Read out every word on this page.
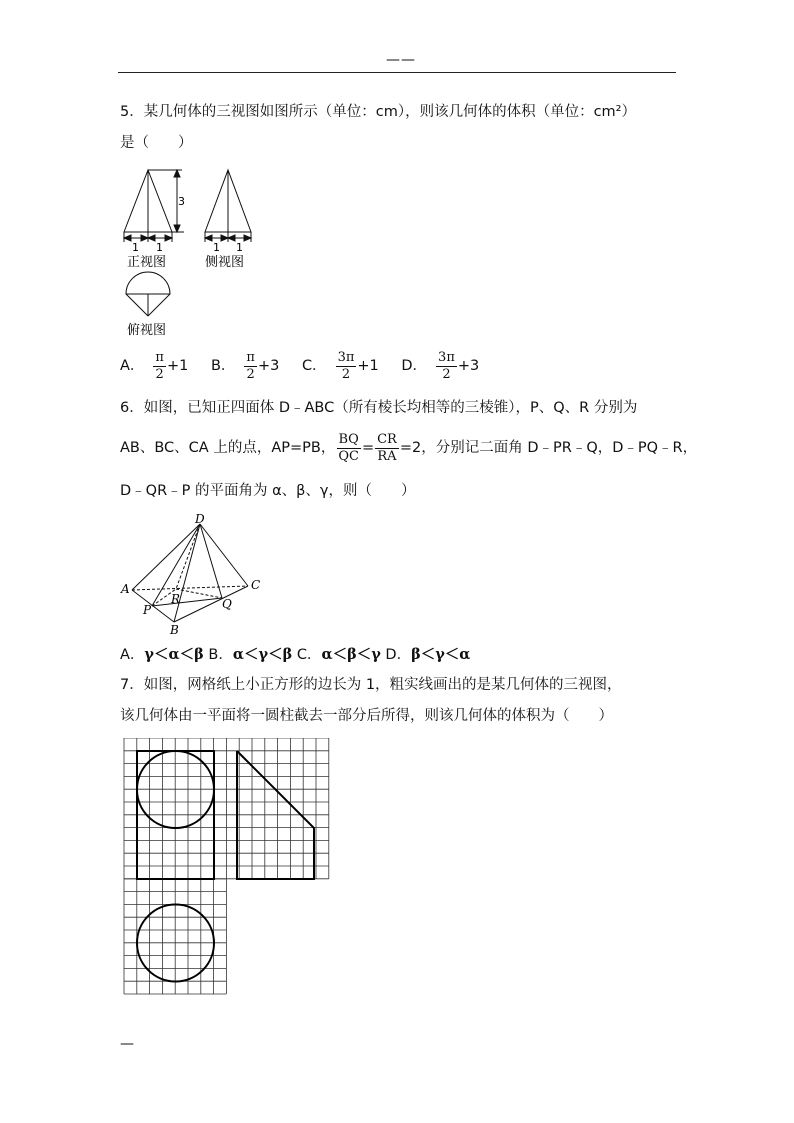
——
5．某几何体的三视图如图所示（单位：cm），则该几何体的体积（单位：cm²）
是（　　）
3
1 1
正视图
1 1
侧视图
俯视图
A． $\frac{\pi}{2} +1$ B． $\frac{\pi}{2} +3$ C． $\frac{3\pi}{2} +1$ D． $\frac{3\pi}{2} +3$
6．如图，已知正四面体 D﹣ABC（所有棱长均相等的三棱锥），P、Q、R 分别为
AB、BC、CA 上的点，AP=PB， $\frac{BQ}{QC} = \frac{CR}{RA} =2$，分别记二面角 D﹣PR﹣Q，D﹣PQ﹣R，
D﹣QR﹣P 的平面角为 α、β、γ，则（　　）
D
A
B
C
P	Q
R
A．γ＜α＜β B．α＜γ＜β C．α＜β＜γ D．β＜γ＜α
7．如图，网格纸上小正方形的边长为 1，粗实线画出的是某几何体的三视图，
该几何体由一平面将一圆柱截去一部分后所得，则该几何体的体积为（　　）
—
